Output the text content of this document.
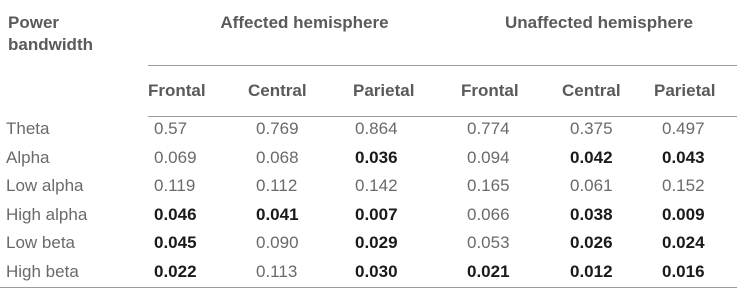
Power bandwidth	Affected hemisphere			Unaffected hemisphere		

	Frontal	Central	Parietal	Frontal	Central	Parietal
Theta	0.57	0.769	0.864	0.774	0.375	0.497
Alpha	0.069	0.068	0.036	0.094	0.042	0.043
Low alpha	0.119	0.112	0.142	0.165	0.061	0.152
High alpha	0.046	0.041	0.007	0.066	0.038	0.009
Low beta	0.045	0.090	0.029	0.053	0.026	0.024
High beta	0.022	0.113	0.030	0.021	0.012	0.016
